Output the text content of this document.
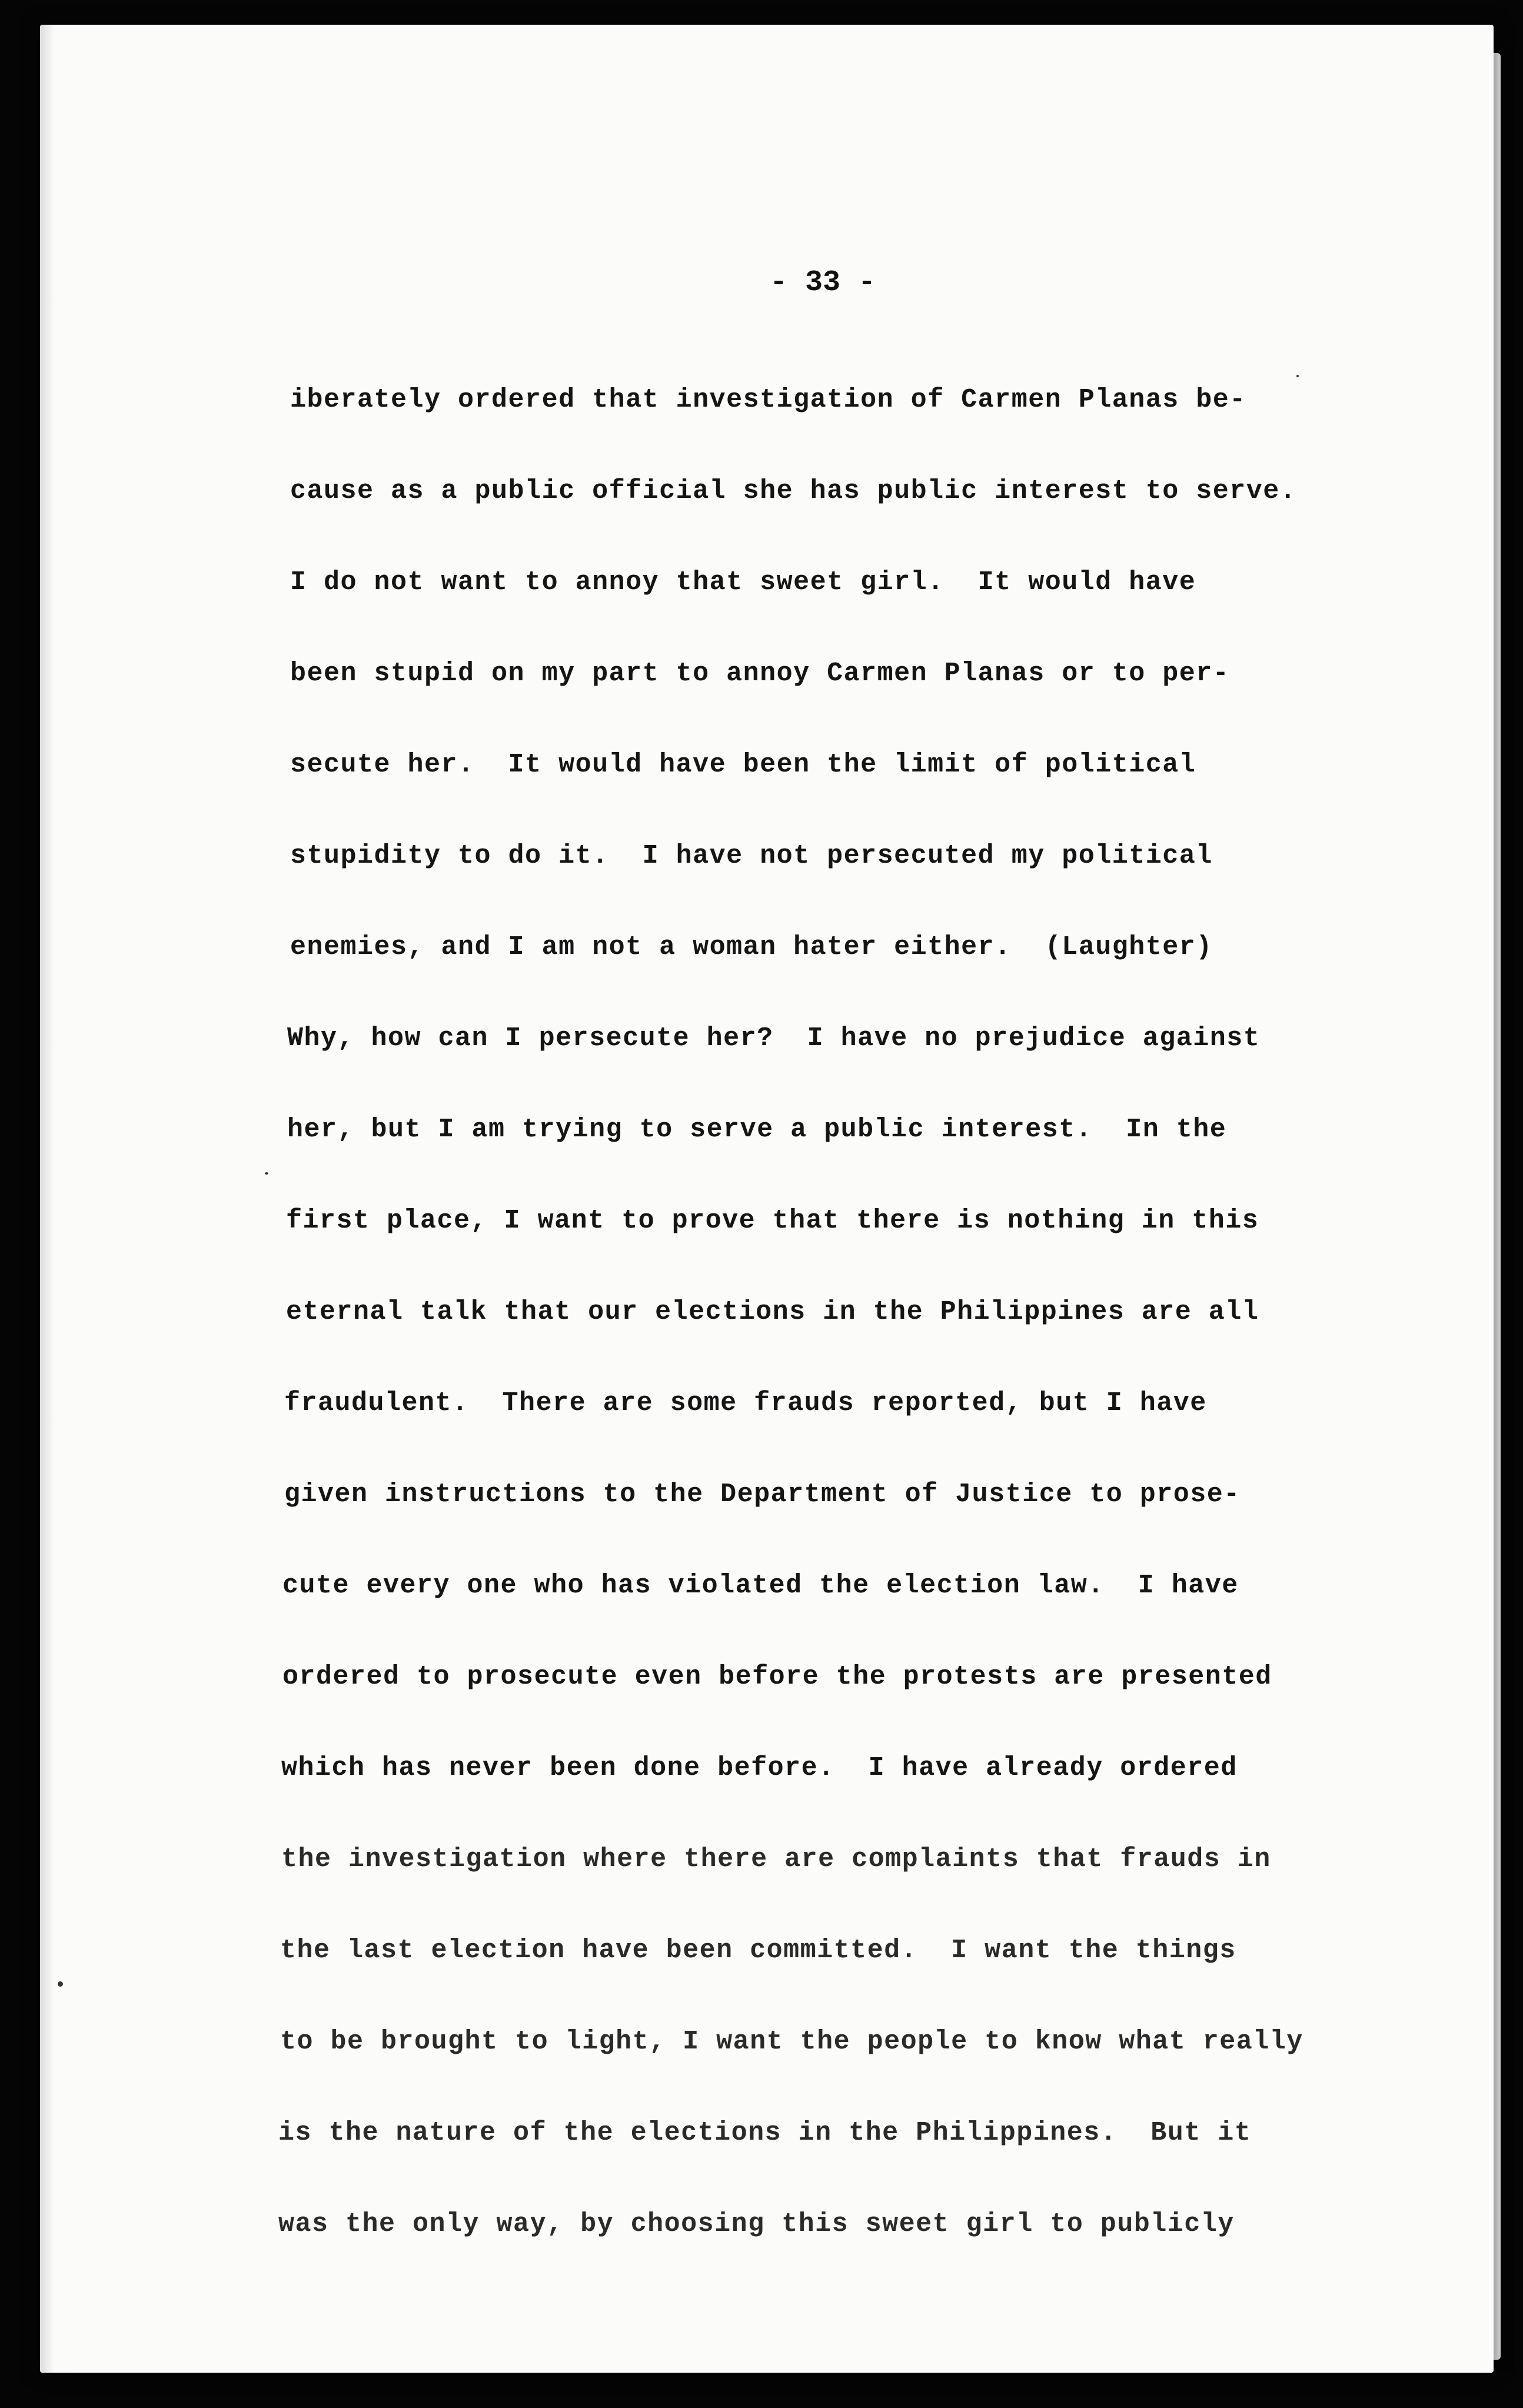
- 33 -
iberately ordered that investigation of Carmen Planas be-
cause as a public official she has public interest to serve.
I do not want to annoy that sweet girl.  It would have
been stupid on my part to annoy Carmen Planas or to per-
secute her.  It would have been the limit of political
stupidity to do it.  I have not persecuted my political
enemies, and I am not a woman hater either.  (Laughter)
Why, how can I persecute her?  I have no prejudice against
her, but I am trying to serve a public interest.  In the
first place, I want to prove that there is nothing in this
eternal talk that our elections in the Philippines are all
fraudulent.  There are some frauds reported, but I have
given instructions to the Department of Justice to prose-
cute every one who has violated the election law.  I have
ordered to prosecute even before the protests are presented
which has never been done before.  I have already ordered
the investigation where there are complaints that frauds in
the last election have been committed.  I want the things
to be brought to light, I want the people to know what really
is the nature of the elections in the Philippines.  But it
was the only way, by choosing this sweet girl to publicly
